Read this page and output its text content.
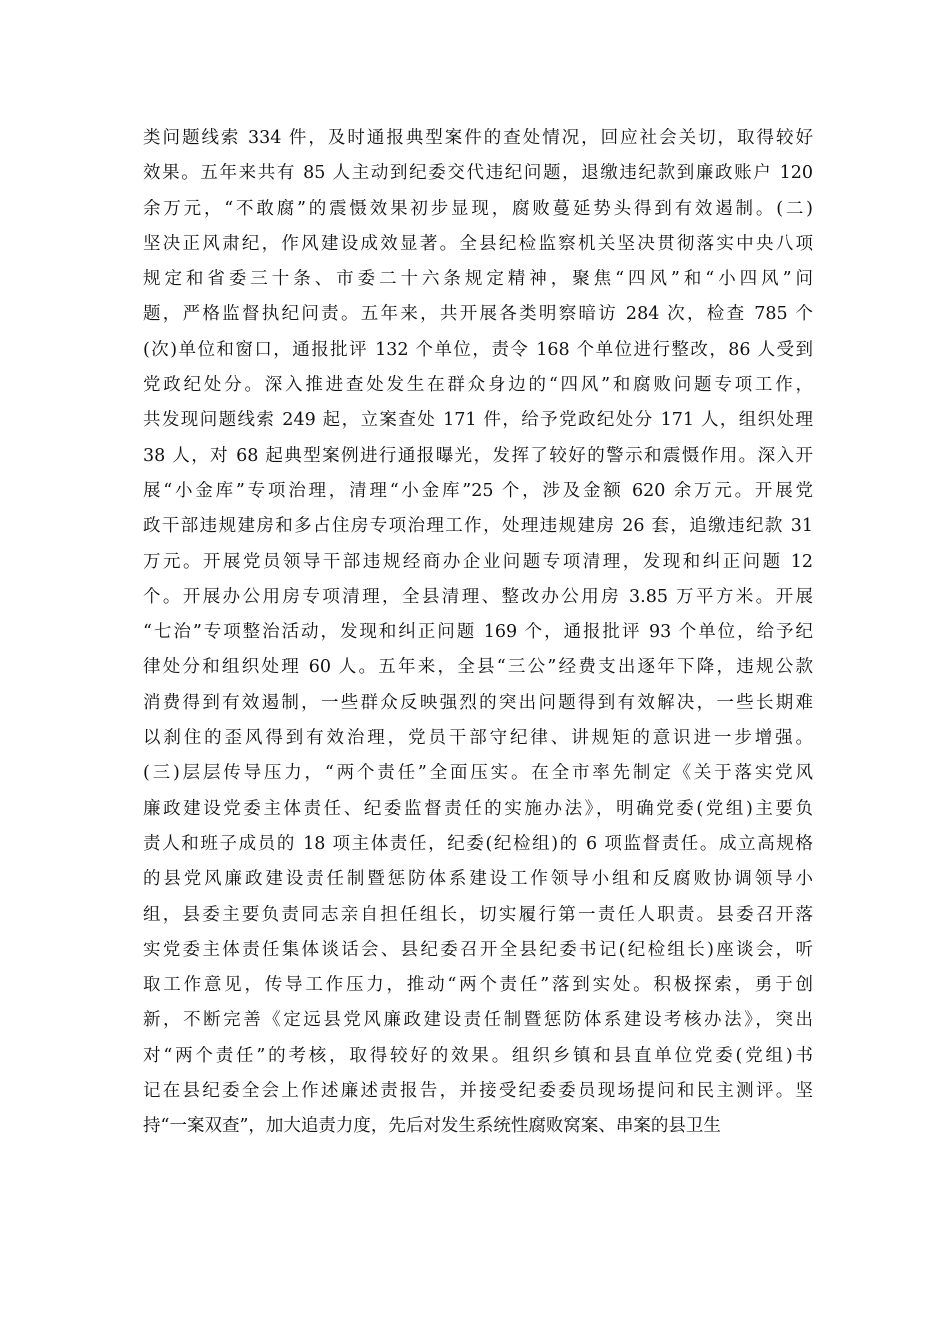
类问题线索 334 件，及时通报典型案件的查处情况，回应社会关切，取得较好
效果。五年来共有 85 人主动到纪委交代违纪问题，退缴违纪款到廉政账户 120
余万元，“不敢腐”的震慑效果初步显现，腐败蔓延势头得到有效遏制。(二)
坚决正风肃纪，作风建设成效显著。全县纪检监察机关坚决贯彻落实中央八项
规定和省委三十条、市委二十六条规定精神，聚焦“四风”和“小四风”问
题，严格监督执纪问责。五年来，共开展各类明察暗访 284 次，检查 785 个
(次)单位和窗口，通报批评 132 个单位，责令 168 个单位进行整改，86 人受到
党政纪处分。深入推进查处发生在群众身边的“四风”和腐败问题专项工作，
共发现问题线索 249 起，立案查处 171 件，给予党政纪处分 171 人，组织处理
38 人，对 68 起典型案例进行通报曝光，发挥了较好的警示和震慑作用。深入开
展“小金库”专项治理，清理“小金库”25 个，涉及金额 620 余万元。开展党
政干部违规建房和多占住房专项治理工作，处理违规建房 26 套，追缴违纪款 31
万元。开展党员领导干部违规经商办企业问题专项清理，发现和纠正问题 12
个。开展办公用房专项清理，全县清理、整改办公用房 3.85 万平方米。开展
“七治”专项整治活动，发现和纠正问题 169 个，通报批评 93 个单位，给予纪
律处分和组织处理 60 人。五年来，全县“三公”经费支出逐年下降，违规公款
消费得到有效遏制，一些群众反映强烈的突出问题得到有效解决，一些长期难
以刹住的歪风得到有效治理，党员干部守纪律、讲规矩的意识进一步增强。
(三)层层传导压力，“两个责任”全面压实。在全市率先制定《关于落实党风
廉政建设党委主体责任、纪委监督责任的实施办法》，明确党委(党组)主要负
责人和班子成员的 18 项主体责任，纪委(纪检组)的 6 项监督责任。成立高规格
的县党风廉政建设责任制暨惩防体系建设工作领导小组和反腐败协调领导小
组，县委主要负责同志亲自担任组长，切实履行第一责任人职责。县委召开落
实党委主体责任集体谈话会、县纪委召开全县纪委书记(纪检组长)座谈会，听
取工作意见，传导工作压力，推动“两个责任”落到实处。积极探索，勇于创
新，不断完善《定远县党风廉政建设责任制暨惩防体系建设考核办法》，突出
对“两个责任”的考核，取得较好的效果。组织乡镇和县直单位党委(党组)书
记在县纪委全会上作述廉述责报告，并接受纪委委员现场提问和民主测评。坚
持“一案双查”，加大追责力度，先后对发生系统性腐败窝案、串案的县卫生
